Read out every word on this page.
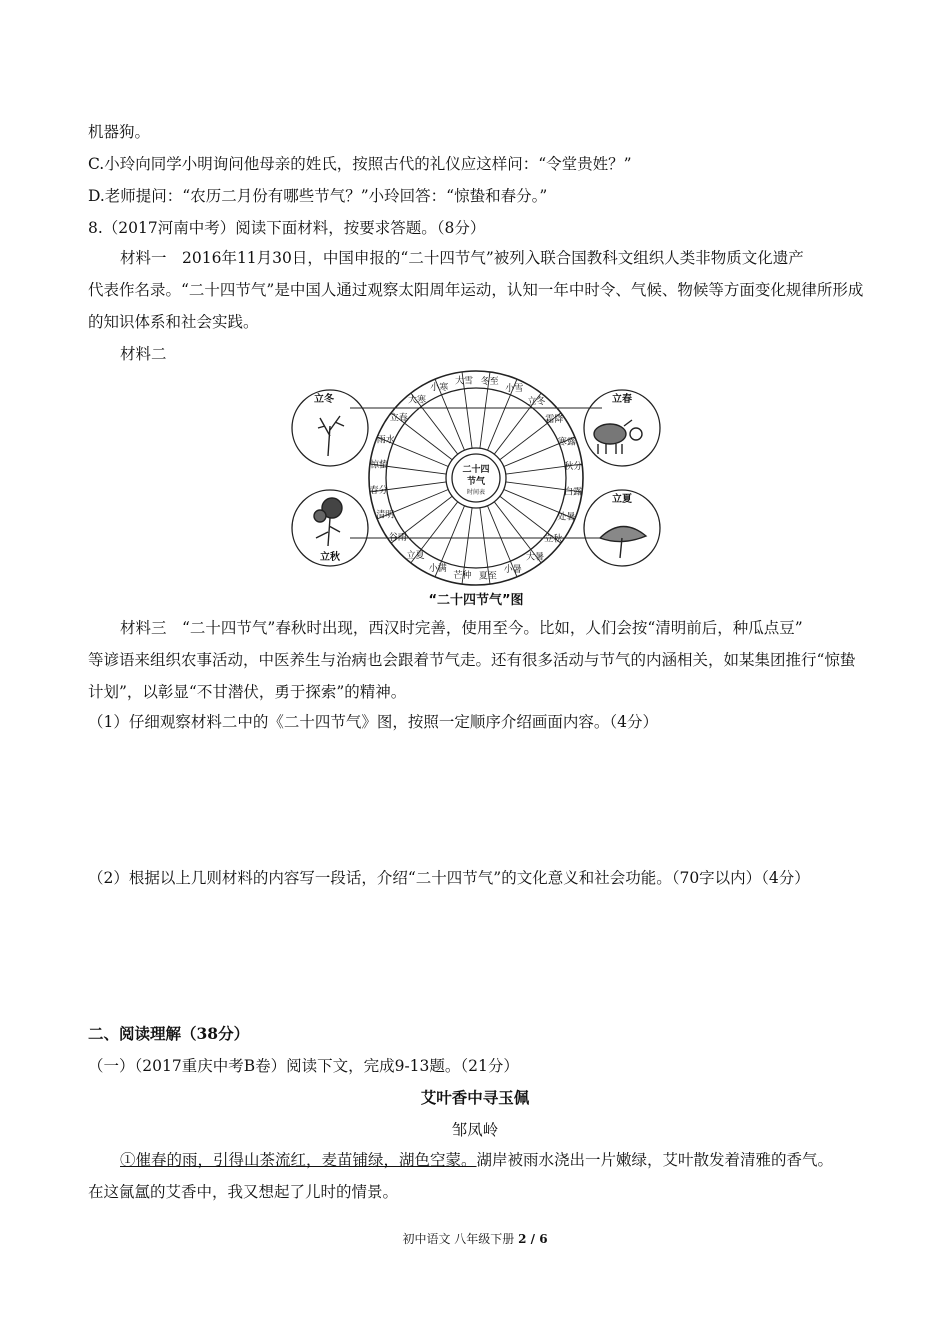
机器狗。
C.小玲向同学小明询问他母亲的姓氏，按照古代的礼仪应这样问：“令堂贵姓？”
D.老师提问：“农历二月份有哪些节气？”小玲回答：“惊蛰和春分。”
8.（2017河南中考）阅读下面材料，按要求答题。（8分）
材料一　2016年11月30日，中国申报的“二十四节气”被列入联合国教科文组织人类非物质文化遗产
代表作名录。“二十四节气”是中国人通过观察太阳周年运动，认知一年中时令、气候、物候等方面变化规律所形成的知识体系和社会实践。
材料二
小寒
大雪 冬至
小雪
立冬
霜降
寒露
秋分
白露
处暑
立秋
大暑
小暑
夏至
芒种
小满
立夏
谷雨
清明
春分
惊蛰
雨水
立春
大寒
二十四
节气
时间表
立冬	立春
立秋
立夏
“二十四节气”图
材料三　“二十四节气”春秋时出现，西汉时完善，使用至今。比如，人们会按“清明前后，种瓜点豆”
等谚语来组织农事活动，中医养生与治病也会跟着节气走。还有很多活动与节气的内涵相关，如某集团推行“惊蛰计划”，以彰显“不甘潜伏，勇于探索”的精神。
（1）仔细观察材料二中的《二十四节气》图，按照一定顺序介绍画面内容。（4分）
（2）根据以上几则材料的内容写一段话，介绍“二十四节气”的文化意义和社会功能。（70字以内）（4分）
二、阅读理解（38分）
（一）（2017重庆中考B卷）阅读下文，完成9-13题。（21分）
艾叶香中寻玉佩
邹凤岭
①催春的雨，引得山茶流红，麦苗铺绿，湖色空蒙。湖岸被雨水浇出一片嫩绿，艾叶散发着清雅的香气。
在这氤氲的艾香中，我又想起了儿时的情景。
初中语文 八年级下册 2 / 6
